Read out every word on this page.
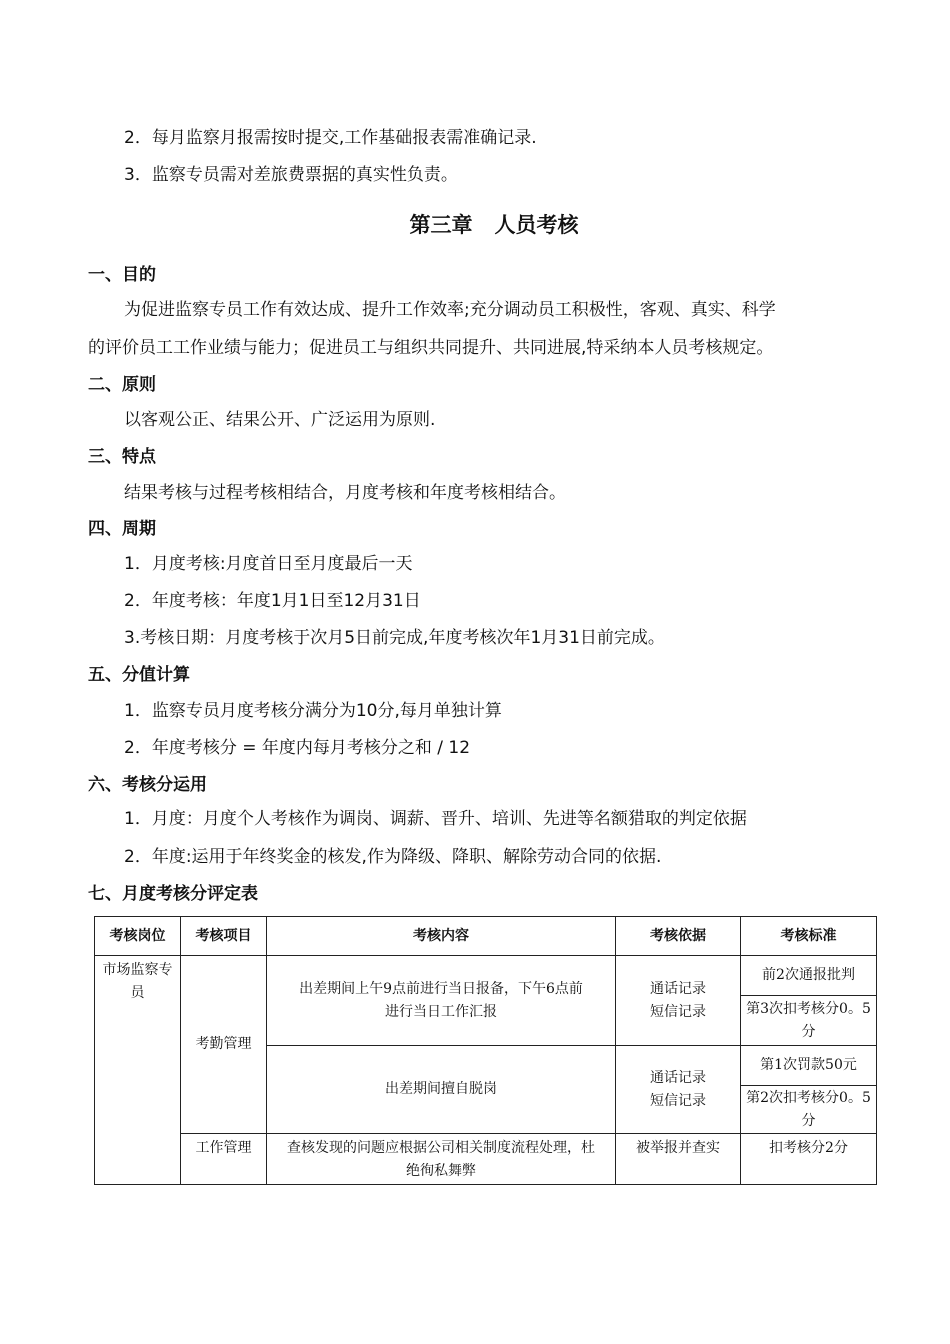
2．每月监察月报需按时提交,工作基础报表需准确记录.
3．监察专员需对差旅费票据的真实性负责。
第三章 人员考核
一、目的
为促进监察专员工作有效达成、提升工作效率;充分调动员工积极性，客观、真实、科学
的评价员工工作业绩与能力；促进员工与组织共同提升、共同进展,特采纳本人员考核规定。
二、原则
以客观公正、结果公开、广泛运用为原则.
三、特点
结果考核与过程考核相结合，月度考核和年度考核相结合。
四、周期
1．月度考核:月度首日至月度最后一天
2．年度考核：年度1月1日至12月31日
3.考核日期：月度考核于次月5日前完成,年度考核次年1月31日前完成。
五、分值计算
1．监察专员月度考核分满分为10分,每月单独计算
2．年度考核分 = 年度内每月考核分之和 / 12
六、考核分运用
1．月度：月度个人考核作为调岗、调薪、晋升、培训、先进等名额猎取的判定依据
2．年度:运用于年终奖金的核发,作为降级、降职、解除劳动合同的依据.
七、月度考核分评定表
考核岗位	考核项目	考核内容	考核依据	考核标准
市场监察专员	考勤管理	出差期间上午9点前进行当日报备，下午6点前进行当日工作汇报	通话记录
短信记录	前2次通报批判
				第3次扣考核分0。5分
		出差期间擅自脱岗	通话记录
短信记录	第1次罚款50元
				第2次扣考核分0。5分
	工作管理	查核发现的问题应根据公司相关制度流程处理，杜绝徇私舞弊	被举报并查实	扣考核分2分
